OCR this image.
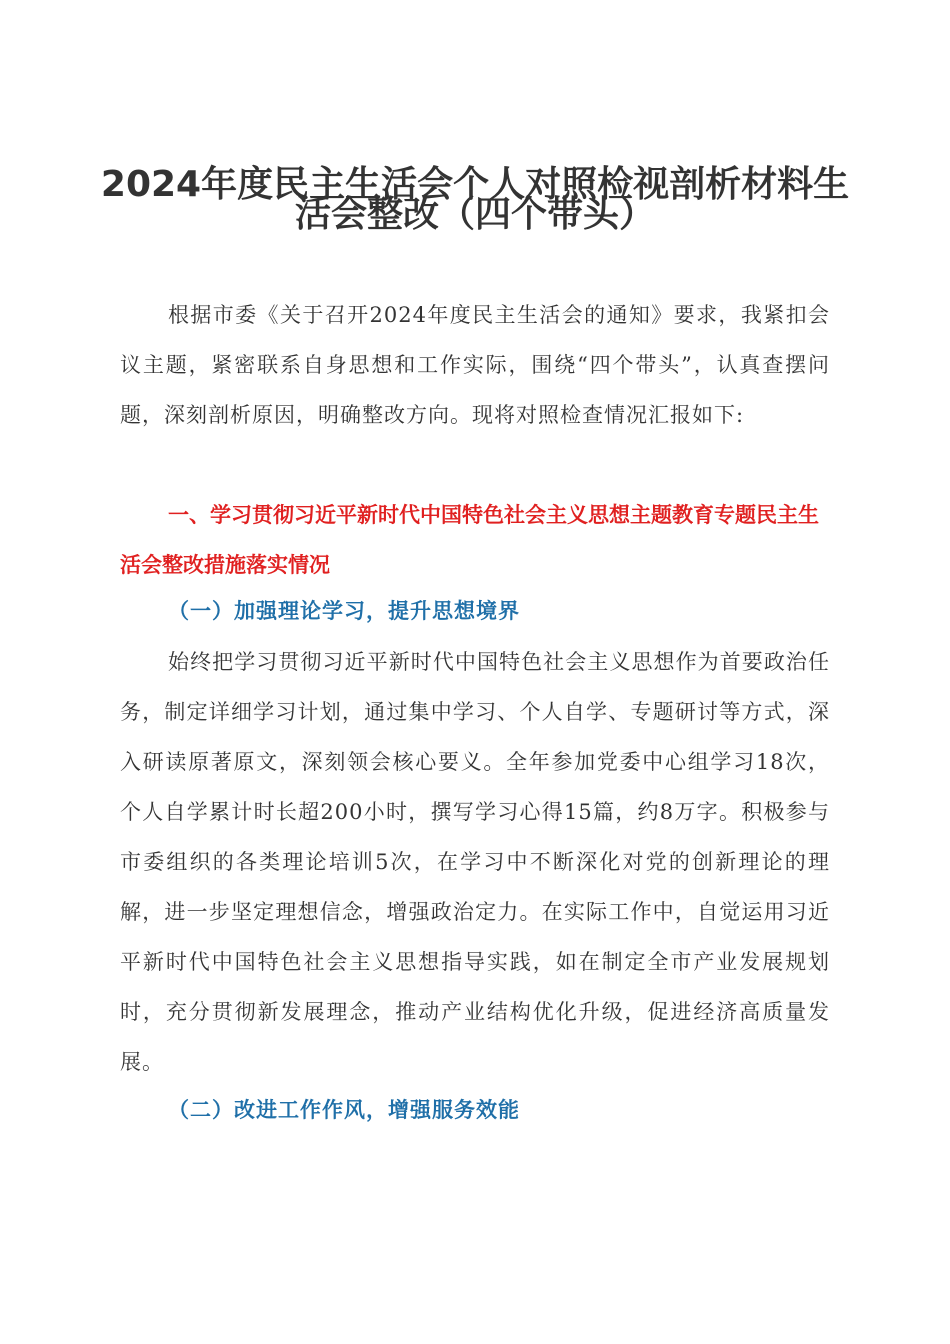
2024年度民主生活会个人对照检视剖析材料生
活会整改（四个带头）

根据市委《关于召开2024年度民主生活会的通知》要求，我紧扣会议主题，紧密联系自身思想和工作实际，围绕“四个带头”，认真查摆问题，深刻剖析原因，明确整改方向。现将对照检查情况汇报如下:

一、学习贯彻习近平新时代中国特色社会主义思想主题教育专题民主生活会整改措施落实情况
（一）加强理论学习，提升思想境界

始终把学习贯彻习近平新时代中国特色社会主义思想作为首要政治任务，制定详细学习计划，通过集中学习、个人自学、专题研讨等方式，深入研读原著原文，深刻领会核心要义。全年参加党委中心组学习18次，个人自学累计时长超200小时，撰写学习心得15篇，约8万字。积极参与市委组织的各类理论培训5次，在学习中不断深化对党的创新理论的理解，进一步坚定理想信念，增强政治定力。在实际工作中，自觉运用习近平新时代中国特色社会主义思想指导实践，如在制定全市产业发展规划时，充分贯彻新发展理念，推动产业结构优化升级，促进经济高质量发展。

（二）改进工作作风，增强服务效能
